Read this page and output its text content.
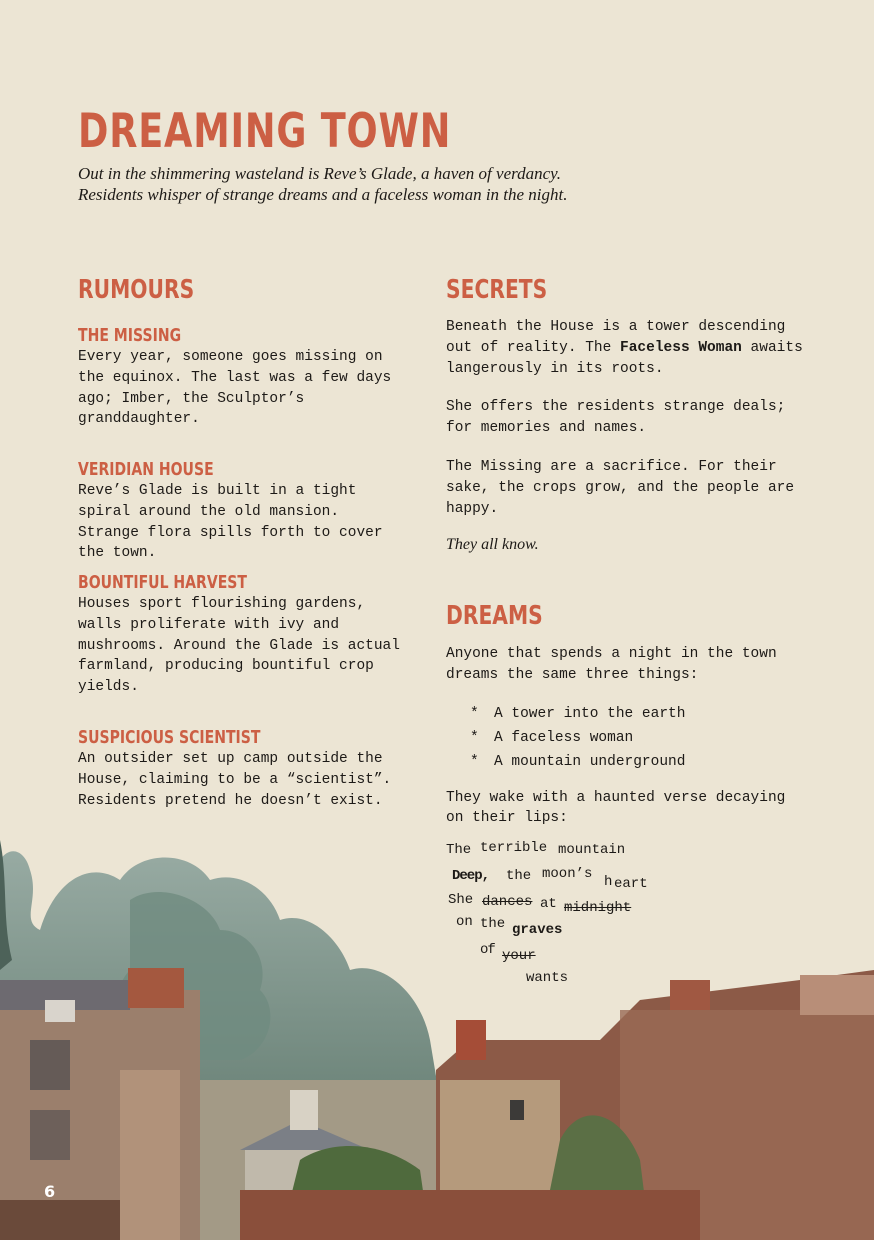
DREAMING TOWN

Out in the shimmering wasteland is Reve’s Glade, a haven of verdancy. Residents whisper of strange dreams and a faceless woman in the night.

RUMOURS
THE MISSING

Every year, someone goes missing on the equinox. The last was a few days ago; Imber, the Sculptor’s granddaughter.

VERIDIAN HOUSE

Reve’s Glade is built in a tight spiral around the old mansion. Strange flora spills forth to cover the town.

BOUNTIFUL HARVEST

Houses sport flourishing gardens, walls proliferate with ivy and mushrooms. Around the Glade is actual farmland, producing bountiful crop yields.

SUSPICIOUS SCIENTIST

An outsider set up camp outside the House, claiming to be a “scientist”. Residents pretend he doesn’t exist.

SECRETS

Beneath the House is a tower descending out of reality. The Faceless Woman awaits langerously in its roots.

She offers the residents strange deals; for memories and names.

The Missing are a sacrifice. For their sake, the crops grow, and the people are happy.

They all know.

DREAMS

Anyone that spends a night in the town dreams the same three things:

* A tower into the earth
* A faceless woman
* A mountain underground

They wake with a haunted verse decaying on their lips:

The terrible mountain
Deep, the moon’s h eart
She dances at midnight
on the graves
of your
wants
6
